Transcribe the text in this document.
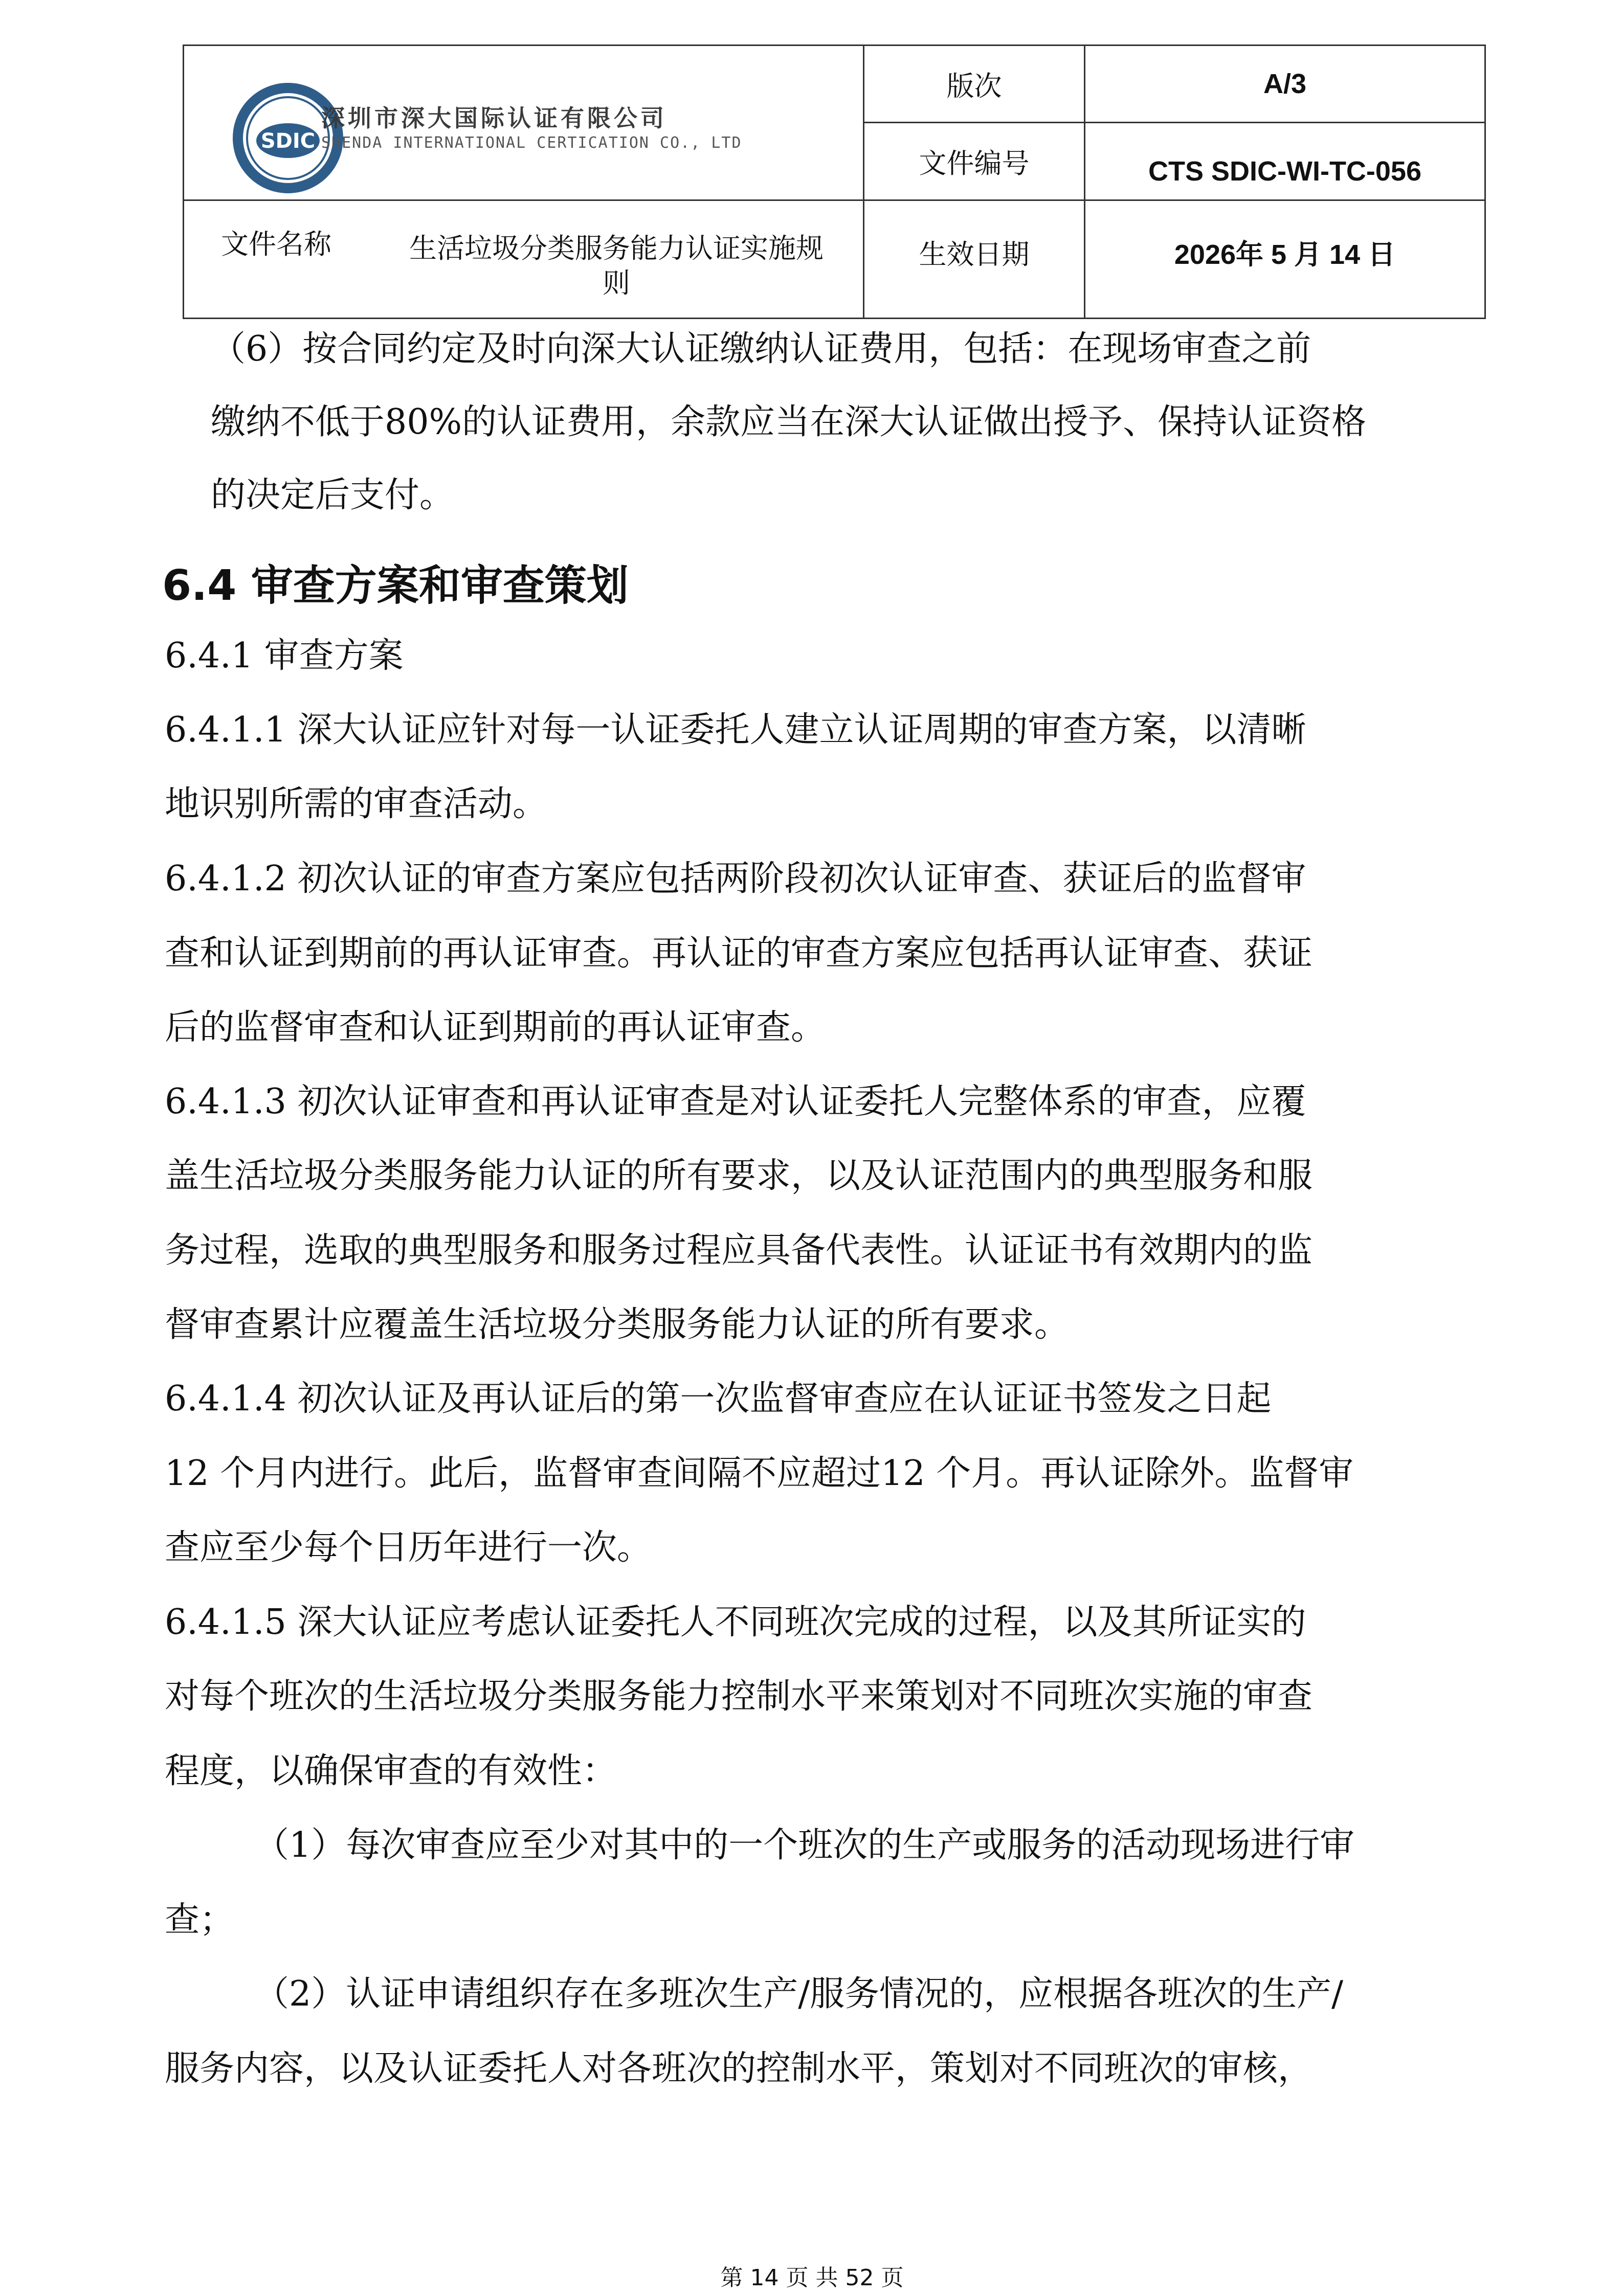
SDIC
深圳市深大国际认证有限公司
SHENDA INTERNATIONAL CERTICATION CO., LTD
版次	A/3
文件编号	CTS SDIC-WI-TC-056
文件名称	生活垃圾分类服务能力认证实施规则
生效日期	2026年 5 月 14 日
（6）按合同约定及时向深大认证缴纳认证费用，包括：在现场审查之前
缴纳不低于80%的认证费用，余款应当在深大认证做出授予、保持认证资格
的决定后支付。
6.4 审查方案和审查策划
6.4.1 审查方案
6.4.1.1 深大认证应针对每一认证委托人建立认证周期的审查方案，以清晰
地识别所需的审查活动。
6.4.1.2 初次认证的审查方案应包括两阶段初次认证审查、获证后的监督审
查和认证到期前的再认证审查。再认证的审查方案应包括再认证审查、获证
后的监督审查和认证到期前的再认证审查。
6.4.1.3 初次认证审查和再认证审查是对认证委托人完整体系的审查，应覆
盖生活垃圾分类服务能力认证的所有要求，以及认证范围内的典型服务和服
务过程，选取的典型服务和服务过程应具备代表性。认证证书有效期内的监
督审查累计应覆盖生活垃圾分类服务能力认证的所有要求。
6.4.1.4 初次认证及再认证后的第一次监督审查应在认证证书签发之日起
12 个月内进行。此后，监督审查间隔不应超过12 个月。再认证除外。监督审
查应至少每个日历年进行一次。
6.4.1.5 深大认证应考虑认证委托人不同班次完成的过程，以及其所证实的
对每个班次的生活垃圾分类服务能力控制水平来策划对不同班次实施的审查
程度，以确保审查的有效性：
（1）每次审查应至少对其中的一个班次的生产或服务的活动现场进行审
查；
（2）认证申请组织存在多班次生产/服务情况的，应根据各班次的生产/
服务内容，以及认证委托人对各班次的控制水平，策划对不同班次的审核，
第 14 页 共 52 页
